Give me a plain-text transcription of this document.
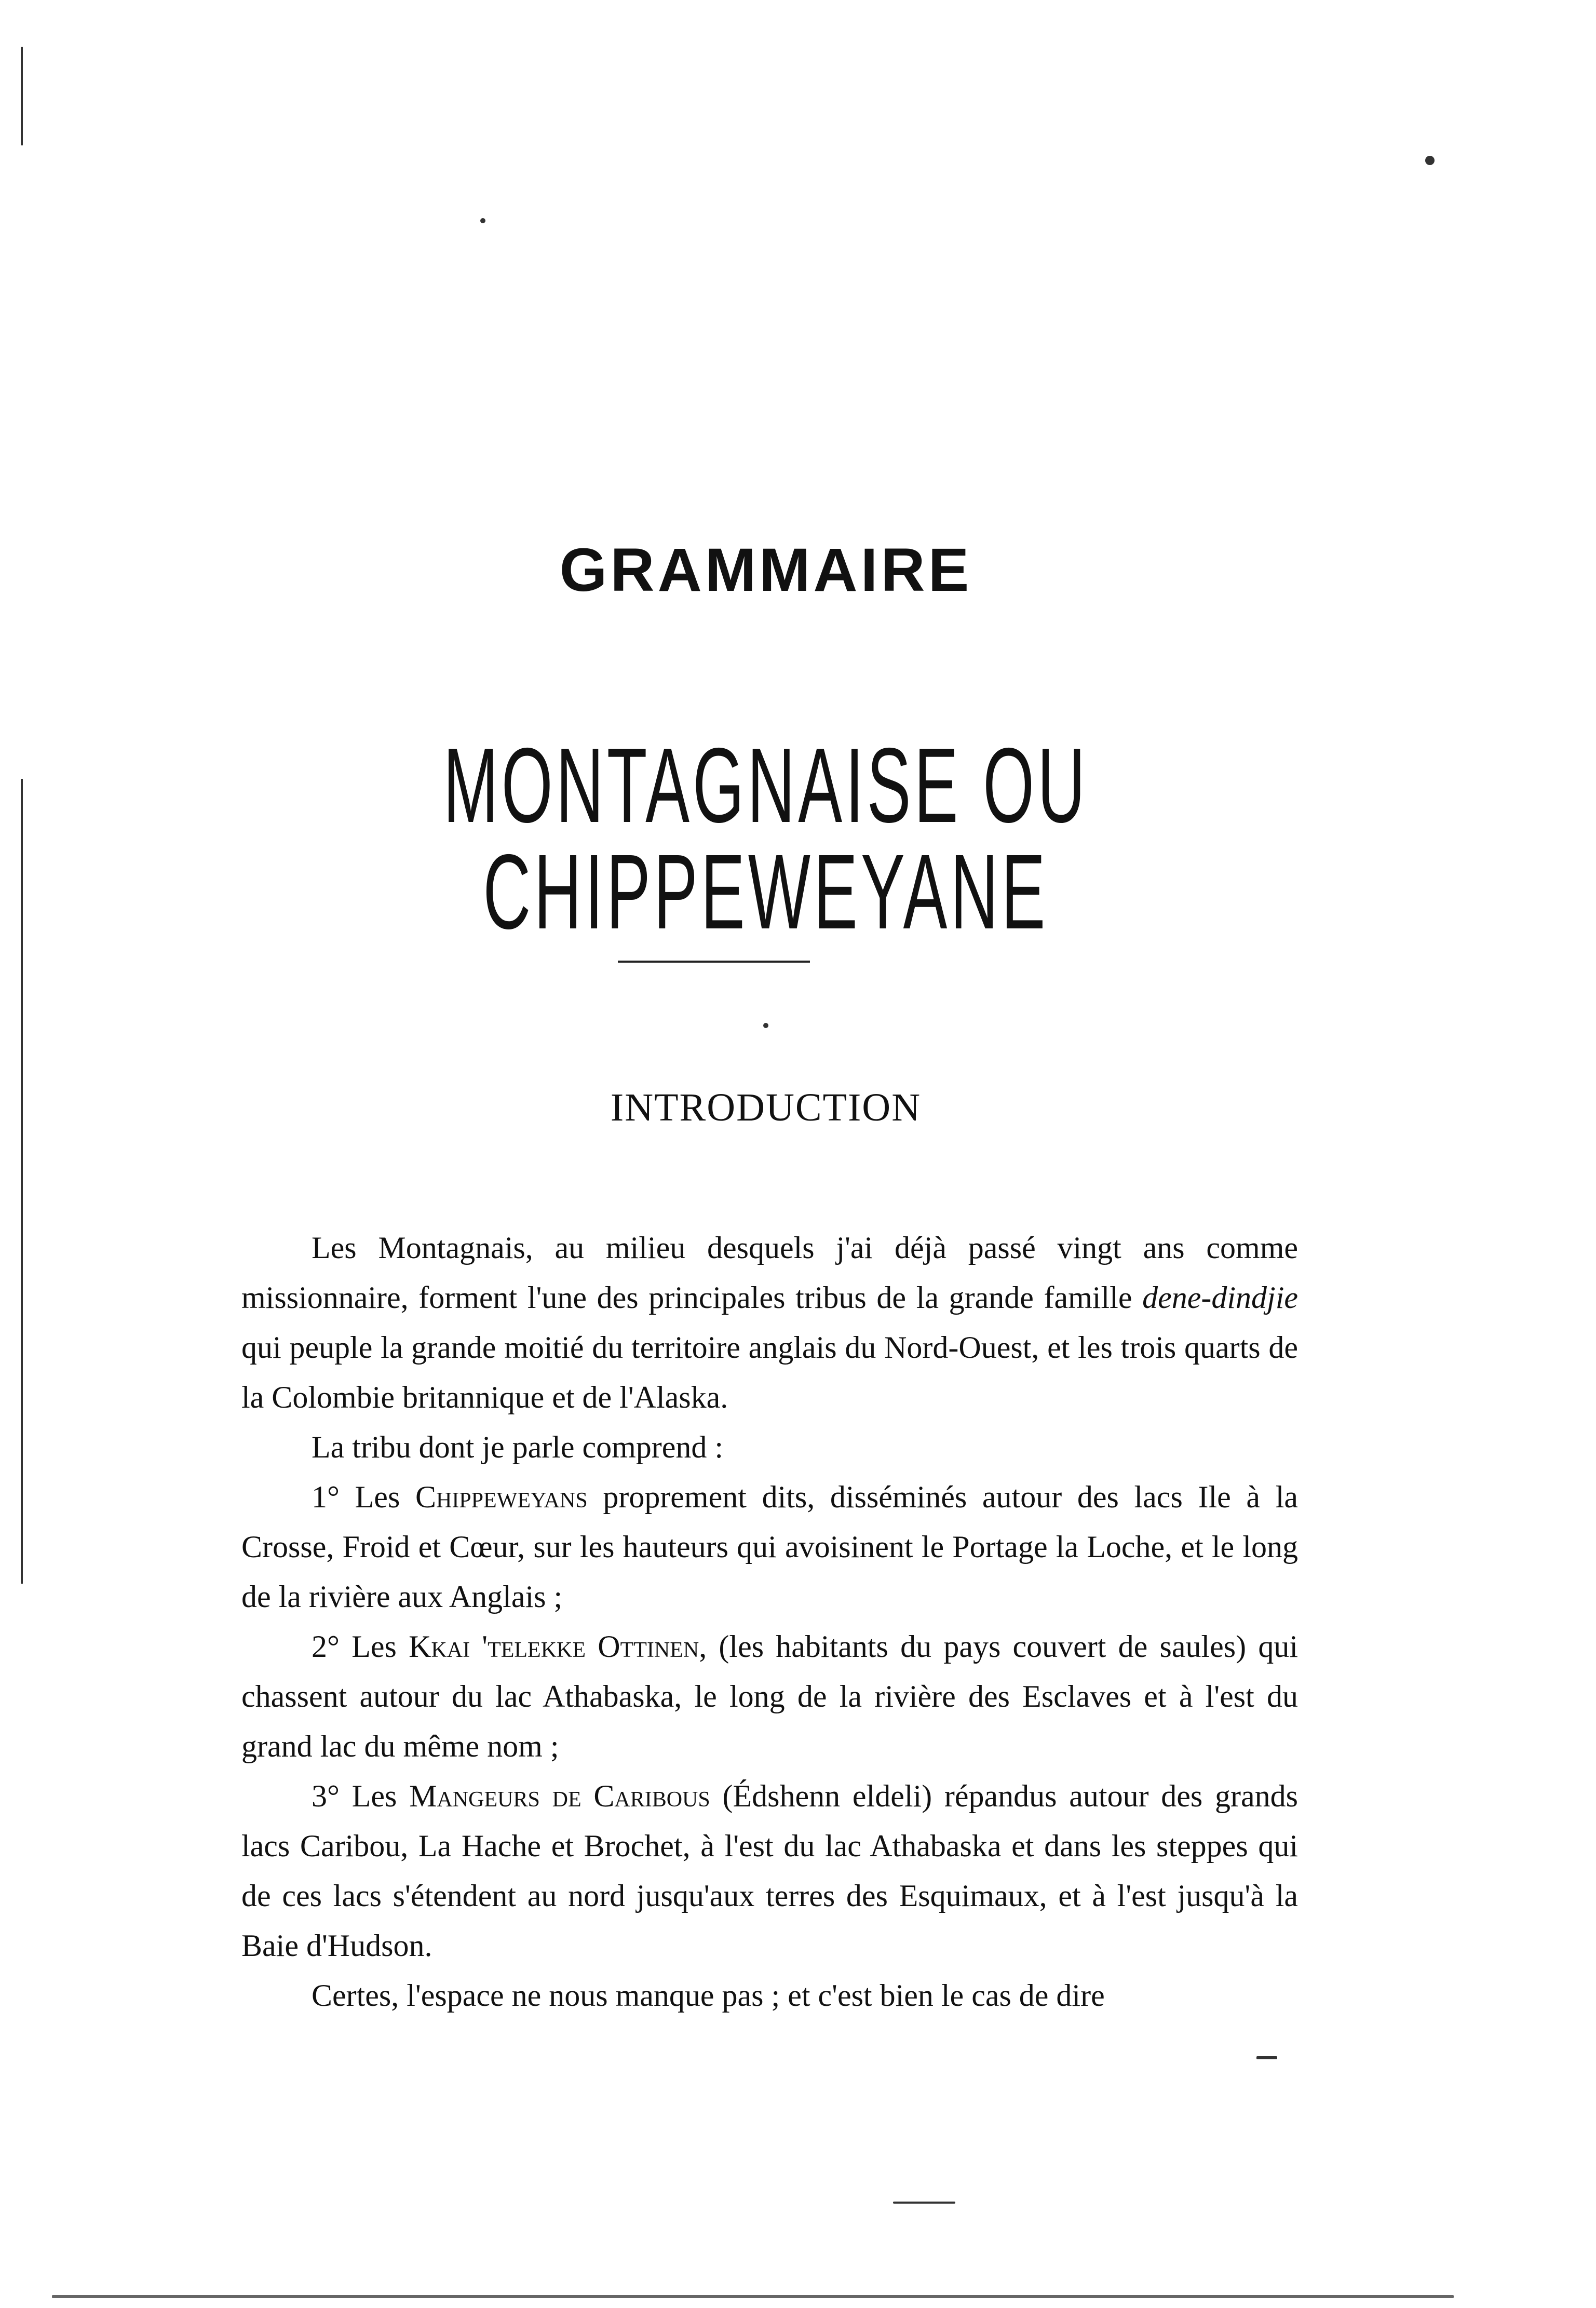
GRAMMAIRE
MONTAGNAISE OU CHIPPEWEYANE
INTRODUCTION

Les Montagnais, au milieu desquels j'ai déjà passé vingt ans comme missionnaire, forment l'une des principales tribus de la grande famille dene-dindjie qui peuple la grande moitié du territoire anglais du Nord-Ouest, et les trois quarts de la Colombie britannique et de l'Alaska.

La tribu dont je parle comprend :

1° Les Chippeweyans proprement dits, disséminés autour des lacs Ile à la Crosse, Froid et Cœur, sur les hauteurs qui avoisinent le Portage la Loche, et le long de la rivière aux Anglais ;

2° Les Kkai 'telekke Ottinen, (les habitants du pays couvert de saules) qui chassent autour du lac Athabaska, le long de la rivière des Esclaves et à l'est du grand lac du même nom ;

3° Les Mangeurs de Caribous (Édshenn eldeli) répandus autour des grands lacs Caribou, La Hache et Brochet, à l'est du lac Athabaska et dans les steppes qui de ces lacs s'étendent au nord jusqu'aux terres des Esquimaux, et à l'est jusqu'à la Baie d'Hudson.

Certes, l'espace ne nous manque pas ; et c'est bien le cas de dire
